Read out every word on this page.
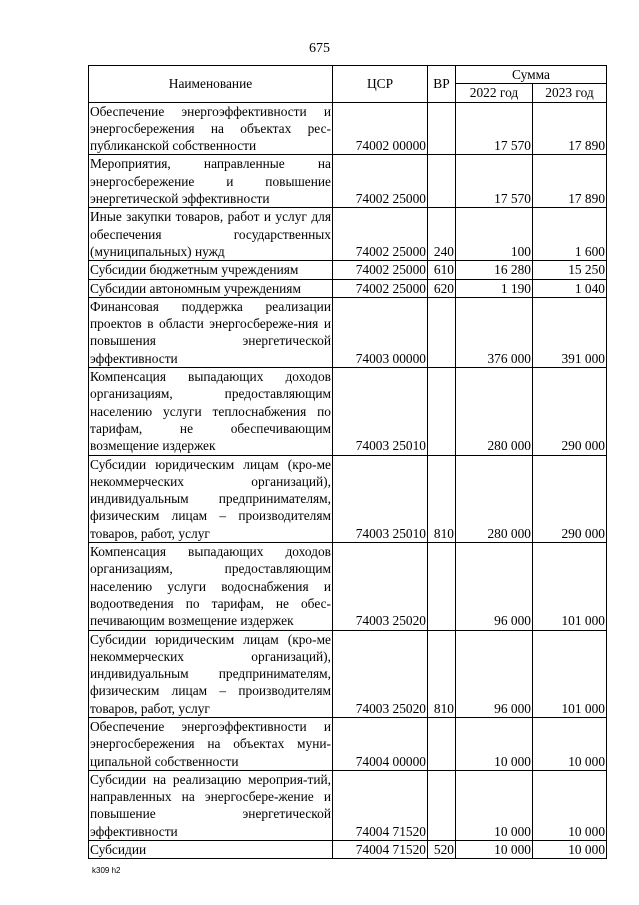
675
Наименование	ЦСР	ВР	Сумма	
			2022 год	2023 год
Обеспечение энергоэффективности и энергосбережения на объектах рес-публиканской собственности	74002 00000		17 570	17 890
Мероприятия, направленные на энергосбережение и повышение энергетической эффективности	74002 25000		17 570	17 890
Иные закупки товаров, работ и услуг для обеспечения государственных (муниципальных) нужд	74002 25000	240	100	1 600
Субсидии бюджетным учреждениям	74002 25000	610	16 280	15 250
Субсидии автономным учреждениям	74002 25000	620	1 190	1 040
Финансовая поддержка реализации проектов в области энергосбереже-ния и повышения энергетической эффективности	74003 00000		376 000	391 000
Компенсация выпадающих доходов организациям, предоставляющим населению услуги теплоснабжения по тарифам, не обеспечивающим возмещение издержек	74003 25010		280 000	290 000
Субсидии юридическим лицам (кро-ме некоммерческих организаций), индивидуальным предпринимателям, физическим лицам – производителям товаров, работ, услуг	74003 25010	810	280 000	290 000
Компенсация выпадающих доходов организациям, предоставляющим населению услуги водоснабжения и водоотведения по тарифам, не обес-печивающим возмещение издержек	74003 25020		96 000	101 000
Субсидии юридическим лицам (кро-ме некоммерческих организаций), индивидуальным предпринимателям, физическим лицам – производителям товаров, работ, услуг	74003 25020	810	96 000	101 000
Обеспечение энергоэффективности и энергосбережения на объектах муни-ципальной собственности	74004 00000		10 000	10 000
Субсидии на реализацию мероприя-тий, направленных на энергосбере-жение и повышение энергетической эффективности	74004 71520		10 000	10 000
Субсидии	74004 71520	520	10 000	10 000
k309 h2
